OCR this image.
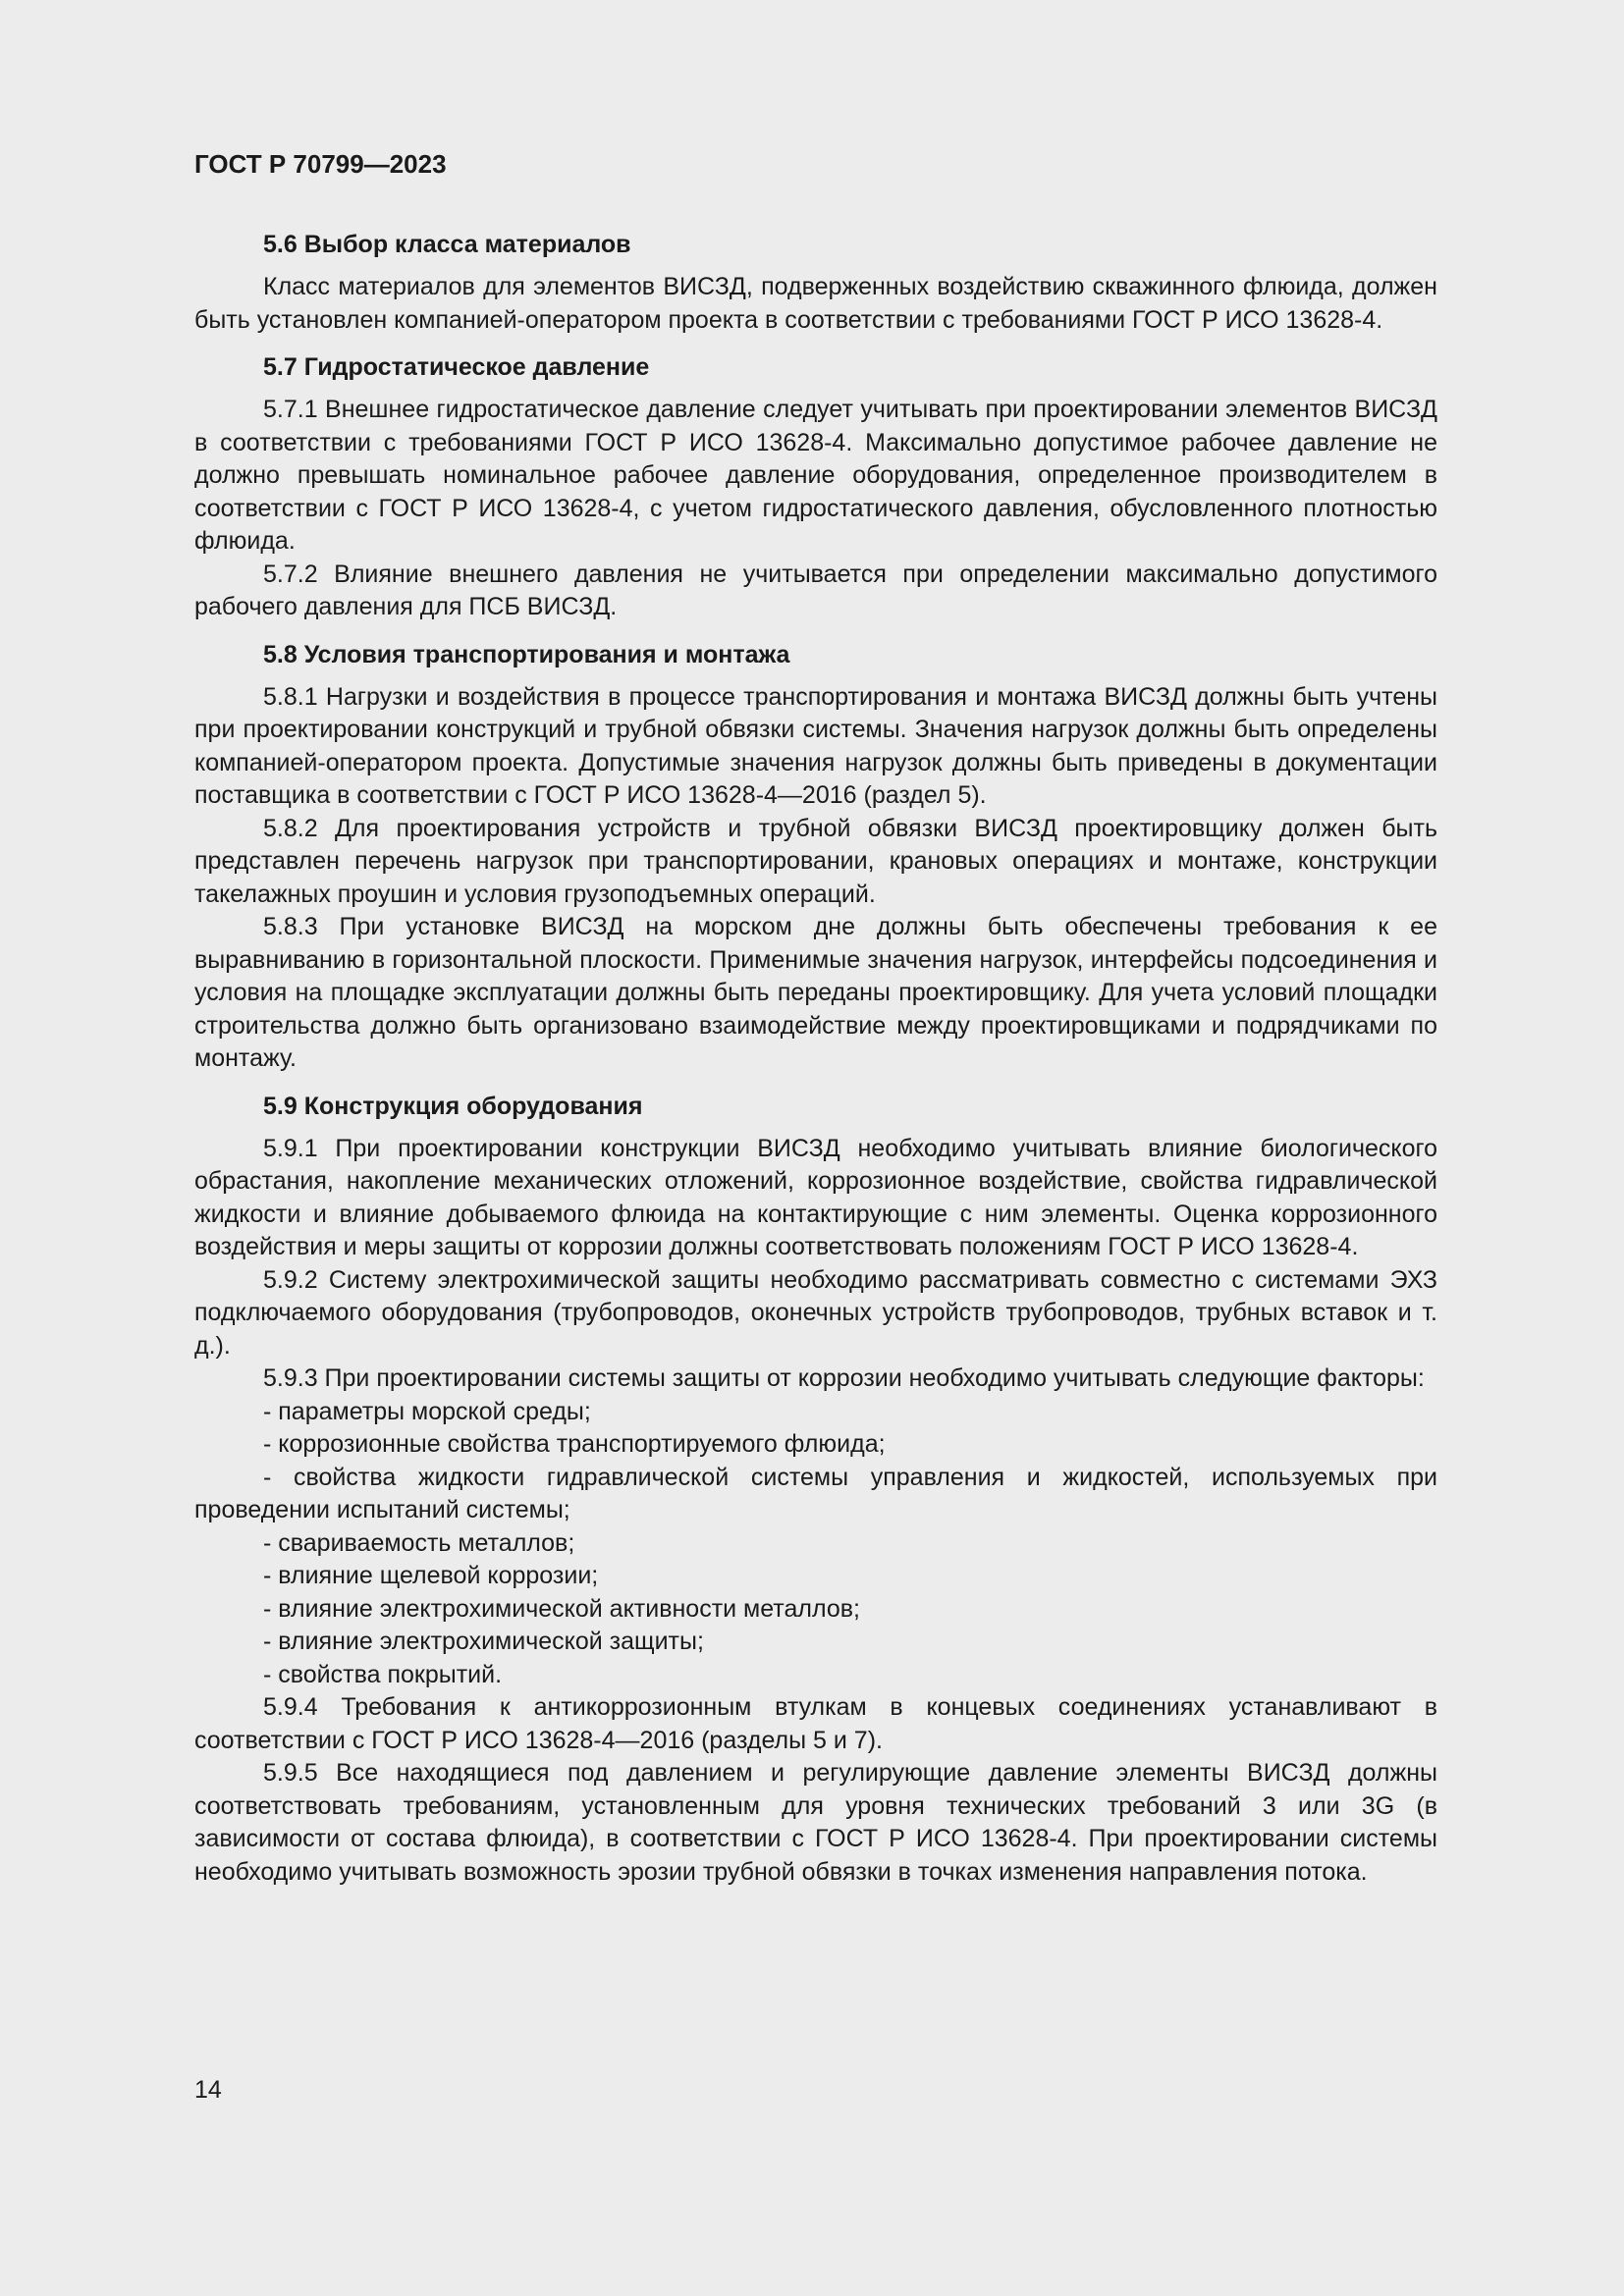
ГОСТ Р 70799—2023
5.6 Выбор класса материалов

Класс материалов для элементов ВИСЗД, подверженных воздействию скважинного флюида, должен быть установлен компанией-оператором проекта в соответствии с требованиями ГОСТ Р ИСО 13628-4.

5.7 Гидростатическое давление

5.7.1 Внешнее гидростатическое давление следует учитывать при проектировании элементов ВИСЗД в соответствии с требованиями ГОСТ Р ИСО 13628-4. Максимально допустимое рабочее давление не должно превышать номинальное рабочее давление оборудования, определенное производителем в соответствии с ГОСТ Р ИСО 13628-4, с учетом гидростатического давления, обусловленного плотностью флюида.

5.7.2 Влияние внешнего давления не учитывается при определении максимально допустимого рабочего давления для ПСБ ВИСЗД.

5.8 Условия транспортирования и монтажа

5.8.1 Нагрузки и воздействия в процессе транспортирования и монтажа ВИСЗД должны быть учтены при проектировании конструкций и трубной обвязки системы. Значения нагрузок должны быть определены компанией-оператором проекта. Допустимые значения нагрузок должны быть приведены в документации поставщика в соответствии с ГОСТ Р ИСО 13628-4—2016 (раздел 5).

5.8.2 Для проектирования устройств и трубной обвязки ВИСЗД проектировщику должен быть представлен перечень нагрузок при транспортировании, крановых операциях и монтаже, конструкции такелажных проушин и условия грузоподъемных операций.

5.8.3 При установке ВИСЗД на морском дне должны быть обеспечены требования к ее выравниванию в горизонтальной плоскости. Применимые значения нагрузок, интерфейсы подсоединения и условия на площадке эксплуатации должны быть переданы проектировщику. Для учета условий площадки строительства должно быть организовано взаимодействие между проектировщиками и подрядчиками по монтажу.

5.9 Конструкция оборудования

5.9.1 При проектировании конструкции ВИСЗД необходимо учитывать влияние биологического обрастания, накопление механических отложений, коррозионное воздействие, свойства гидравлической жидкости и влияние добываемого флюида на контактирующие с ним элементы. Оценка коррозионного воздействия и меры защиты от коррозии должны соответствовать положениям ГОСТ Р ИСО 13628-4.

5.9.2 Систему электрохимической защиты необходимо рассматривать совместно с системами ЭХЗ подключаемого оборудования (трубопроводов, оконечных устройств трубопроводов, трубных вставок и т. д.).

5.9.3 При проектировании системы защиты от коррозии необходимо учитывать следующие факторы:

- параметры морской среды;

- коррозионные свойства транспортируемого флюида;

- свойства жидкости гидравлической системы управления и жидкостей, используемых при проведении испытаний системы;

- свариваемость металлов;

- влияние щелевой коррозии;

- влияние электрохимической активности металлов;

- влияние электрохимической защиты;

- свойства покрытий.

5.9.4 Требования к антикоррозионным втулкам в концевых соединениях устанавливают в соответствии с ГОСТ Р ИСО 13628-4—2016 (разделы 5 и 7).

5.9.5 Все находящиеся под давлением и регулирующие давление элементы ВИСЗД должны соответствовать требованиям, установленным для уровня технических требований 3 или 3G (в зависимости от состава флюида), в соответствии с ГОСТ Р ИСО 13628-4. При проектировании системы необходимо учитывать возможность эрозии трубной обвязки в точках изменения направления потока.

14
